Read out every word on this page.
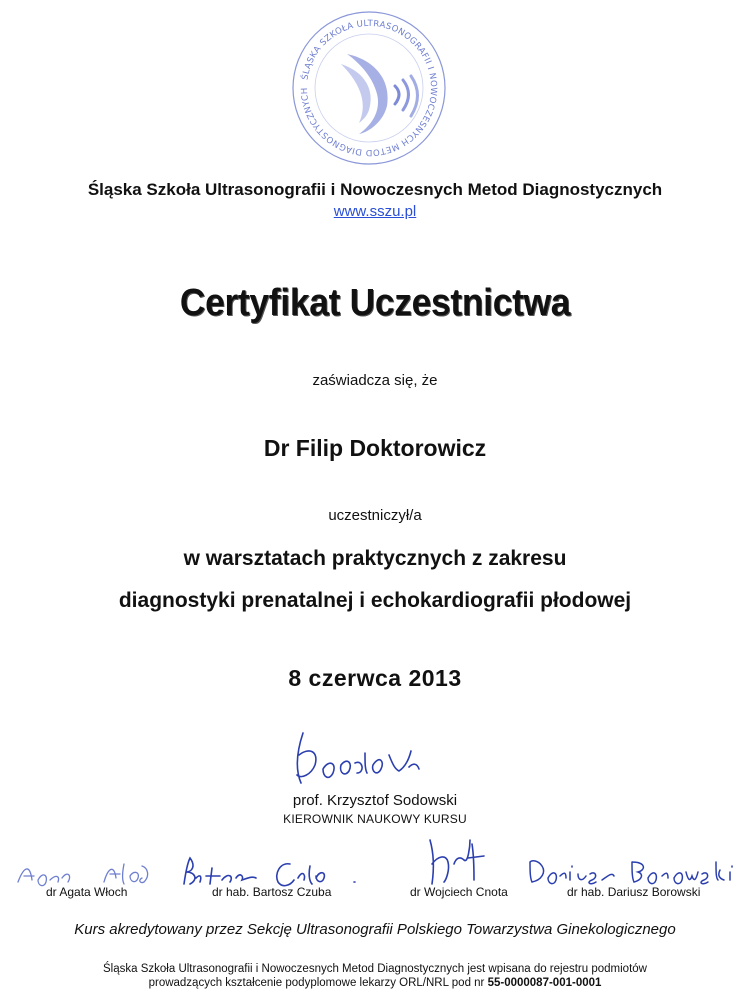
ŚLĄSKA SZKOŁA ULTRASONOGRAFII I NOWOCZESNYCH METOD DIAGNOSTYCZNYCH
Śląska Szkoła Ultrasonografii i Nowoczesnych Metod Diagnostycznych
www.sszu.pl
Certyfikat Uczestnictwa
zaświadcza się, że
Dr Filip Doktorowicz
uczestniczył/a
w warsztatach praktycznych z zakresu
diagnostyki prenatalnej i echokardiografii płodowej
8 czerwca 2013
prof. Krzysztof Sodowski
KIEROWNIK NAUKOWY KURSU
dr Agata Włoch	dr hab. Bartosz Czuba	dr Wojciech Cnota	dr hab. Dariusz Borowski
Kurs akredytowany przez Sekcję Ultrasonografii Polskiego Towarzystwa Ginekologicznego
Śląska Szkoła Ultrasonografii i Nowoczesnych Metod Diagnostycznych jest wpisana do rejestru podmiotów
prowadzących kształcenie podyplomowe lekarzy ORL/NRL pod nr 55-0000087-001-0001
